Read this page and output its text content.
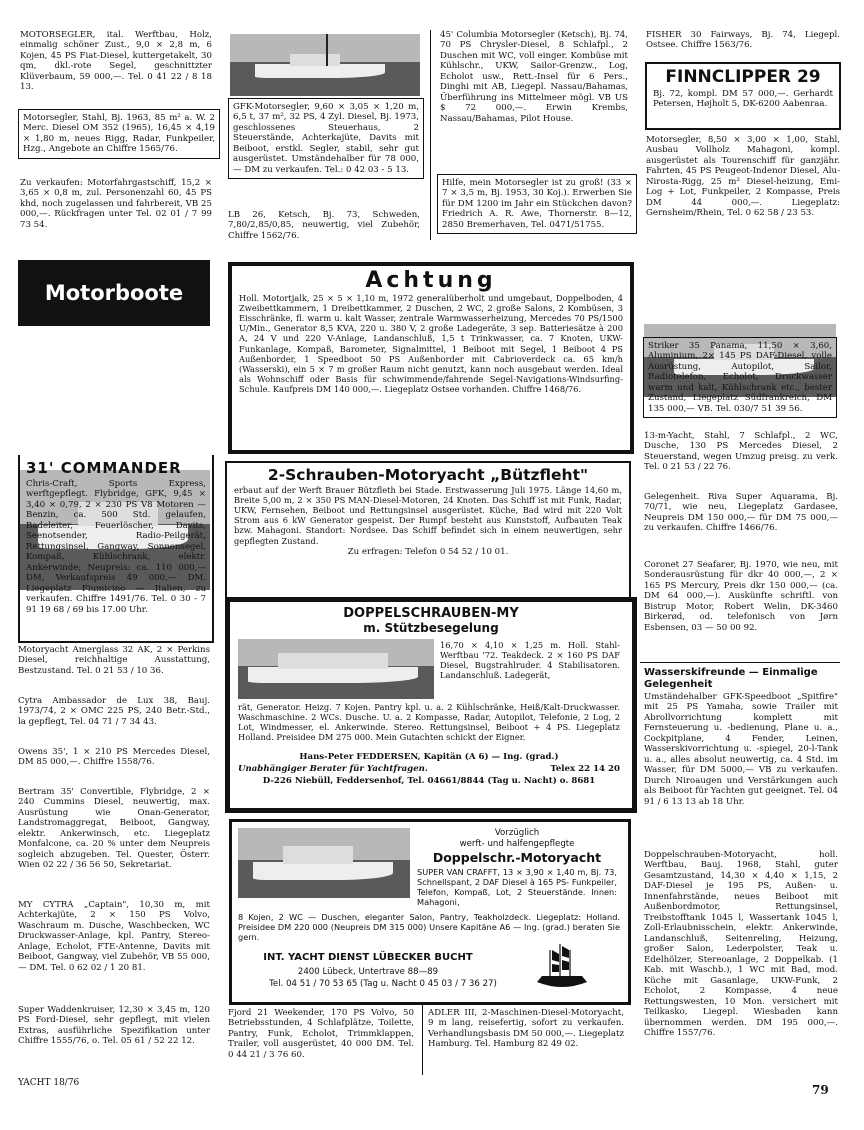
MOTORSEGLER, ital. Werftbau, Holz, einmalig schöner Zust., 9,0 × 2,8 m, 6 Kojen, 45 PS Fiat-Diesel, kuttergetakelt, 30 qm, dkl.-rote Segel, geschnittzter Klüverbaum, 59 000,—. Tel. 0 41 22 / 8 18 13.
Motorsegler, Stahl, Bj. 1963, 85 m² a. W. 2 Merc. Diesel OM 352 (1965), 16,45 × 4,19 × 1,80 m, neues Rigg, Radar, Funkpeiler, Hzg., Angebote an Chiffre 1565/76.
Zu verkaufen: Motorfahrgastschiff, 15,2 × 3,65 × 0,8 m, zul. Personenzahl 60, 45 PS khd, noch zugelassen und fahrbereit, VB 25 000,—. Rückfragen unter Tel. 02 01 / 7 99 73 54.
GFK-Motorsegler, 9,60 × 3,05 × 1,20 m, 6,5 t, 37 m², 32 PS, 4 Zyl. Diesel, Bj. 1973, geschlossenes Steuerhaus, 2 Steuerstände, Achterkajüte, Davits mit Beiboot, erstkl. Segler, stabil, sehr gut ausgerüstet. Umständehalber für 78 000,— DM zu verkaufen. Tel.: 0 42 03 - 5 13.
LB 26, Ketsch, Bj. 73, Schweden, 7,80/2,85/0,85, neuwertig, viel Zubehör, Chiffre 1562/76.
45' Columbia Motorsegler (Ketsch), Bj. 74, 70 PS Chrysler-Diesel, 8 Schlafpl., 2 Duschen mit WC, voll einger. Kombüse mit Kühlschr., UKW, Sailor-Grenzw., Log, Echolot usw., Rett.-Insel für 6 Pers., Dinghi mit AB, Liegepl. Nassau/Bahamas, Überführung ins Mittelmeer mögl. VB US $ 72 000,—. Erwin Krembs, Nassau/Bahamas, Pilot House.
Hilfe, mein Motorsegler ist zu groß! (33 × 7 × 3,5 m, Bj. 1953, 30 Koj.). Erwerben Sie für DM 1200 im Jahr ein Stückchen davon? Friedrich A. R. Awe, Thornerstr. 8—12, 2850 Bremerhaven, Tel. 0471/51755.
FISHER 30 Fairways, Bj. 74, Liegepl. Ostsee. Chiffre 1563/76.
FINNCLIPPER 29
Bj. 72, kompl. DM 57 000,—. Gerhardt Petersen, Højholt 5, DK-6200 Aabenraa.
Motorsegler, 8,50 × 3,00 × 1,00, Stahl, Ausbau Vollholz Mahagoni, kompl. ausgerüstet als Tourenschiff für ganzjähr. Fahrten, 45 PS Peugeot-Indenor Diesel, Alu-Nirosta-Rigg, 25 m² Diesel-heizung, Emi-Log + Lot, Funkpeiler, 2 Kompasse, Preis DM 44 000,—. Liegeplatz: Gernsheim/Rhein, Tel. 0 62 58 / 23 53.
Striker 35 Panama, 11,50 × 3,60, Aluminium, 2× 145 PS DAF-Diesel, volle Ausrüstung, Autopilot, Sailor, Radiotelefon, Echolot, Druckwasser warm und kalt, Kühlschrank etc., bester Zustand, Liegeplatz Südfrankreich, DM 135 000,— VB. Tel. 030/7 51 39 56.
13-m-Yacht, Stahl, 7 Schlafpl., 2 WC, Dusche, 130 PS Mercedes Diesel, 2 Steuerstand, wegen Umzug preisg. zu verk. Tel. 0 21 53 / 22 76.
Gelegenheit. Riva Super Aquarama, Bj. 70/71, wie neu, Liegeplatz Gardasee, Neupreis DM 150 000,— für DM 75 000,— zu verkaufen. Chiffre 1466/76.
Coronet 27 Seafarer, Bj. 1970, wie neu, mit Sonderausrüstung für dkr 40 000,—, 2 × 165 PS Mercury, Preis dkr 150 000,— (ca. DM 64 000,—). Auskünfte schriftl. von Bistrup Motor, Robert Welin, DK-3460 Birkerød, od. telefonisch von Jørn Esbensen, 03 — 50 00 92.
Wasserskifreunde — Einmalige Gelegenheit
Umständehalber GFK-Speedboot „Spitfire" mit 25 PS Yamaha, sowie Trailer mit Abrollvorrichtung komplett mit Fernsteuerung u. -bedienung, Plane u. a., Cockpitplane, 4 Fender, Leinen, Wasserskivorrichtung u. -spiegel, 20-l-Tank u. a., alles absolut neuwertig, ca. 4 Std. im Wasser, für DM 5000,— VB zu verkaufen. Durch Niroaugen und Verstärkungen auch als Beiboot für Yachten gut geeignet. Tel. 04 91 / 6 13 13 ab 18 Uhr.
Doppelschrauben-Motoryacht, holl. Werftbau, Bauj. 1968, Stahl, guter Gesamtzustand, 14,30 × 4,40 × 1,15, 2 DAF-Diesel je 195 PS, Außen- u. Innenfahrstände, neues Beiboot mit Außenbordmotor, Rettungsinsel, Treibstofftank 1045 l, Wassertank 1045 l, Zoll-Erlaubnisschein, elektr. Ankerwinde, Landanschluß, Seitenreling, Heizung, großer Salon, Lederpolster, Teak u. Edelhölzer, Stereoanlage, 2 Doppelkab. (1 Kab. mit Waschb.), 1 WC mit Bad, mod. Küche mit Gasanlage, UKW-Funk, 2 Echolot, 2 Kompasse, 4 neue Rettungswesten, 10 Mon. versichert mit Teilkasko, Liegepl. Wiesbaden kann übernommen werden. DM 195 000,—. Chiffre 1557/76.
Motorboote
31' COMMANDER
Chris-Craft, Sports Express, werftgepflegt. Flybridge, GFK, 9,45 × 3,40 × 0,79, 2 × 230 PS V8 Motoren — Benzin, ca. 500 Std. gelaufen, Badeleiter, Feuerlöscher, Davits, Seenotsender, Radio-Peilgerät, Rettungsinsel, Gangway, Sonnensegel, Kompaß, Kühlschrank, elektr. Ankerwinde; Neupreis: ca. 110 000,— DM, Verkaufspreis 49 000,— DM. Liegeplatz Fiumicino — Italien, zu verkaufen. Chiffre 1491/76. Tel. 0 30 - 7 91 19 68 / 69 bis 17.00 Uhr.
Motoryacht Amerglass 32 AK, 2 × Perkins Diesel, reichhaltige Ausstattung, Bestzustand. Tel. 0 21 53 / 10 36.
Cytra Ambassador de Lux 38, Bauj. 1973/74, 2 × OMC 225 PS, 240 Betr.-Std., la gepflegt, Tel. 04 71 / 7 34 43.
Owens 35', 1 × 210 PS Mercedes Diesel, DM 85 000,—. Chiffre 1558/76.
Bertram 35' Convertible, Flybridge, 2 × 240 Cummins Diesel, neuwertig, max. Ausrüstung wie Onan-Generator, Landstromaggregat, Beiboot, Gangway, elektr. Ankerwinsch, etc. Liegeplatz Monfalcone, ca. 20 % unter dem Neupreis sogleich abzugeben. Tel. Quester, Österr. Wien 02 22 / 36 56 50, Sekretariat.
MY CYTRA „Captain", 10,30 m, mit Achterkajüte, 2 × 150 PS Volvo, Waschraum m. Dusche, Waschbecken, WC Druckwasser-Anlage, kpl. Pantry, Stereo-Anlage, Echolot, FTE-Antenne, Davits mit Beiboot, Gangway, viel Zubehör, VB 55 000,— DM. Tel. 0 62 02 / 1 20 81.
Super Waddenkruiser, 12,30 × 3,45 m, 120 PS Ford-Diesel, sehr gepflegt, mit vielen Extras, ausführliche Spezifikation unter Chiffre 1555/76, o. Tel. 05 61 / 52 22 12.
Achtung
Holl. Motortjalk, 25 × 5 × 1,10 m, 1972 generalüberholt und umgebaut, Doppelboden, 4 Zweibettkammern, 1 Dreibettkammer, 2 Duschen, 2 WC, 2 große Salons, 2 Kombüsen, 3 Eisschränke, fl. warm u. kalt Wasser, zentrale Warmwasserheizung, Mercedes 70 PS/1500 U/Min., Generator 8,5 KVA, 220 u. 380 V, 2 große Ladegeräte, 3 sep. Batteriesätze à 200 A, 24 V und 220 V-Anlage, Landanschluß, 1,5 t Trinkwasser, ca. 7 Knoten, UKW-Funkanlage, Kompaß, Barometer, Signalmittel, 1 Beiboot mit Segel, 1 Beiboot 4 PS Außenborder, 1 Speedboot 50 PS Außenborder mit Cabrioverdeck ca. 65 km/h (Wasserski), ein 5 × 7 m großer Raum nicht genutzt, kann noch ausgebaut werden. Ideal als Wohnschiff oder Basis für schwimmende/fahrende Segel-Navigations-Windsurfing-Schule. Kaufpreis DM 140 000,—. Liegeplatz Ostsee vorhanden. Chiffre 1468/76.
2-Schrauben-Motoryacht „Bützfleht"
erbaut auf der Werft Brauer Bützfleth bei Stade. Erstwasserung Juli 1975. Länge 14,60 m, Breite 5,00 m, 2 × 350 PS MAN-Diesel-Motoren, 24 Knoten. Das Schiff ist mit Funk, Radar, UKW, Fernsehen, Beiboot und Rettungsinsel ausgerüstet. Küche, Bad wird mit 220 Volt Strom aus 6 kW Generator gespeist. Der Rumpf besteht aus Kunststoff, Aufbauten Teak bzw. Mahagoni. Standort: Nordsee. Das Schiff befindet sich in einem neuwertigen, sehr gepflegten Zustand.
Zu erfragen: Telefon 0 54 52 / 10 01.
DOPPELSCHRAUBEN-MY
m. Stützbesegelung
16,70 × 4,10 × 1,25 m. Holl. Stahl-Werftbau '72. Teakdeck. 2 × 160 PS DAF Diesel, Bugstrahlruder. 4 Stabilisatoren. Landanschluß. Ladegerät,
rät, Generator. Heizg. 7 Kojen. Pantry kpl. u. a. 2 Kühlschränke, Heiß/Kalt-Druckwasser. Waschmaschine. 2 WCs. Dusche. U. a. 2 Kompasse, Radar, Autopilot, Telefonie, 2 Log, 2 Lot, Windmesser, el. Ankerwinde. Stereo. Rettungsinsel, Beiboot + 4 PS. Liegeplatz Holland. Preisidee DM 275 000. Mein Gutachten schickt der Eigner.
Hans-Peter FEDDERSEN, Kapitän (A 6) — Ing. (grad.)
Unabhängiger Berater für Yachtfragen.	Telex 22 14 20
D-226 Niebüll, Feddersenhof, Tel. 04661/8844 (Tag u. Nacht) o. 8681
Vorzüglich
werft- und halfengepflegte
Doppelschr.-Motoryacht
SUPER VAN CRAFFT, 13 × 3,90 × 1,40 m, Bj. 73, Schnellspant, 2 DAF Diesel à 165 PS- Funkpeiler, Telefon, Kompaß, Lot, 2 Steuerstände. Innen: Mahagoni,
8 Kojen, 2 WC — Duschen, eleganter Salon, Pantry, Teakholzdeck. Liegeplatz: Holland. Preisidee DM 220 000 (Neupreis DM 315 000) Unsere Kapitäne A6 — Ing. (grad.) beraten Sie gern.
INT. YACHT DIENST LÜBECKER BUCHT
2400 Lübeck, Untertrave 88—89
Tel. 04 51 / 70 53 65 (Tag u. Nacht 0 45 03 / 7 36 27)
Fjord 21 Weekender, 170 PS Volvo, 50 Betriebsstunden, 4 Schlafplätze, Toilette, Pantry, Funk, Echolot, Trimmklappen, Trailer, voll ausgerüstet, 40 000 DM. Tel. 0 44 21 / 3 76 60.
ADLER III, 2-Maschinen-Diesel-Motoryacht, 9 m lang, reisefertig, sofort zu verkaufen. Verhandlungsbasis DM 50 000,—. Liegeplatz Hamburg. Tel. Hamburg 82 49 02.
YACHT 18/76	79
